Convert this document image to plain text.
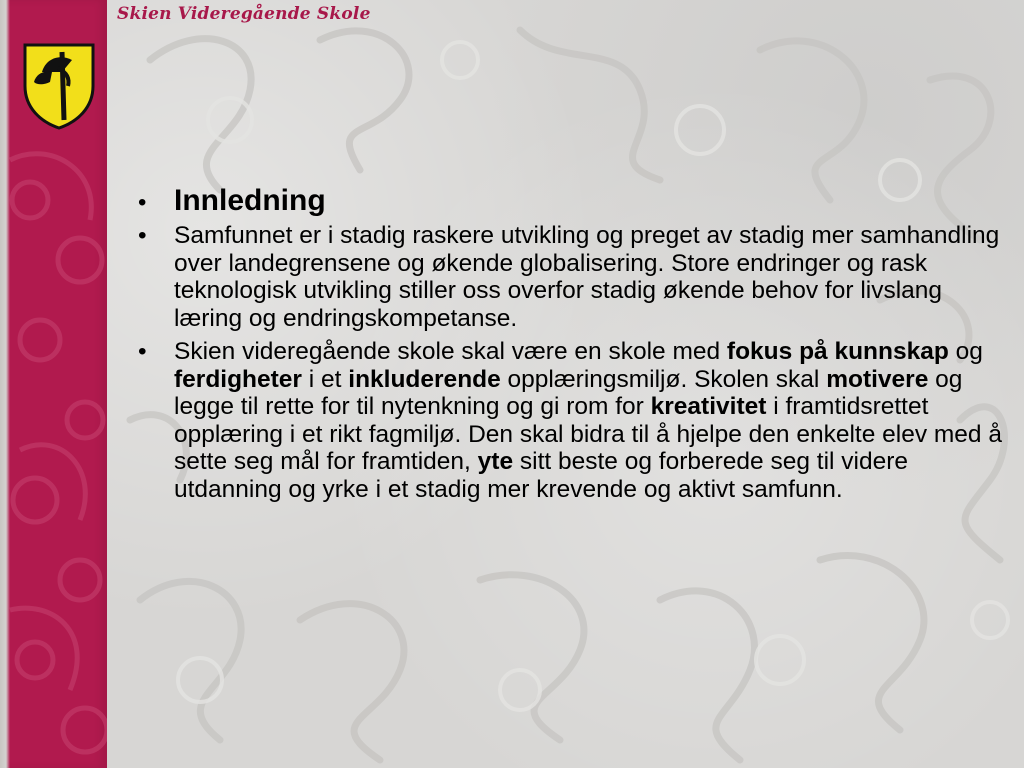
Skien Videregående Skole
• Innledning
• Samfunnet er i stadig raskere utvikling og preget av stadig mer samhandling over landegrensene og økende globalisering. Store endringer og rask teknologisk utvikling stiller oss overfor stadig økende behov for livslang læring og endringskompetanse.
• Skien videregående skole skal være en skole med fokus på kunnskap og ferdigheter i et inkluderende opplæringsmiljø. Skolen skal motivere og legge til rette for til nytenkning og gi rom for kreativitet i framtidsrettet opplæring i et rikt fagmiljø. Den skal bidra til å hjelpe den enkelte elev med å sette seg mål for framtiden, yte sitt beste og forberede seg til videre utdanning og yrke i et stadig mer krevende og aktivt samfunn.
